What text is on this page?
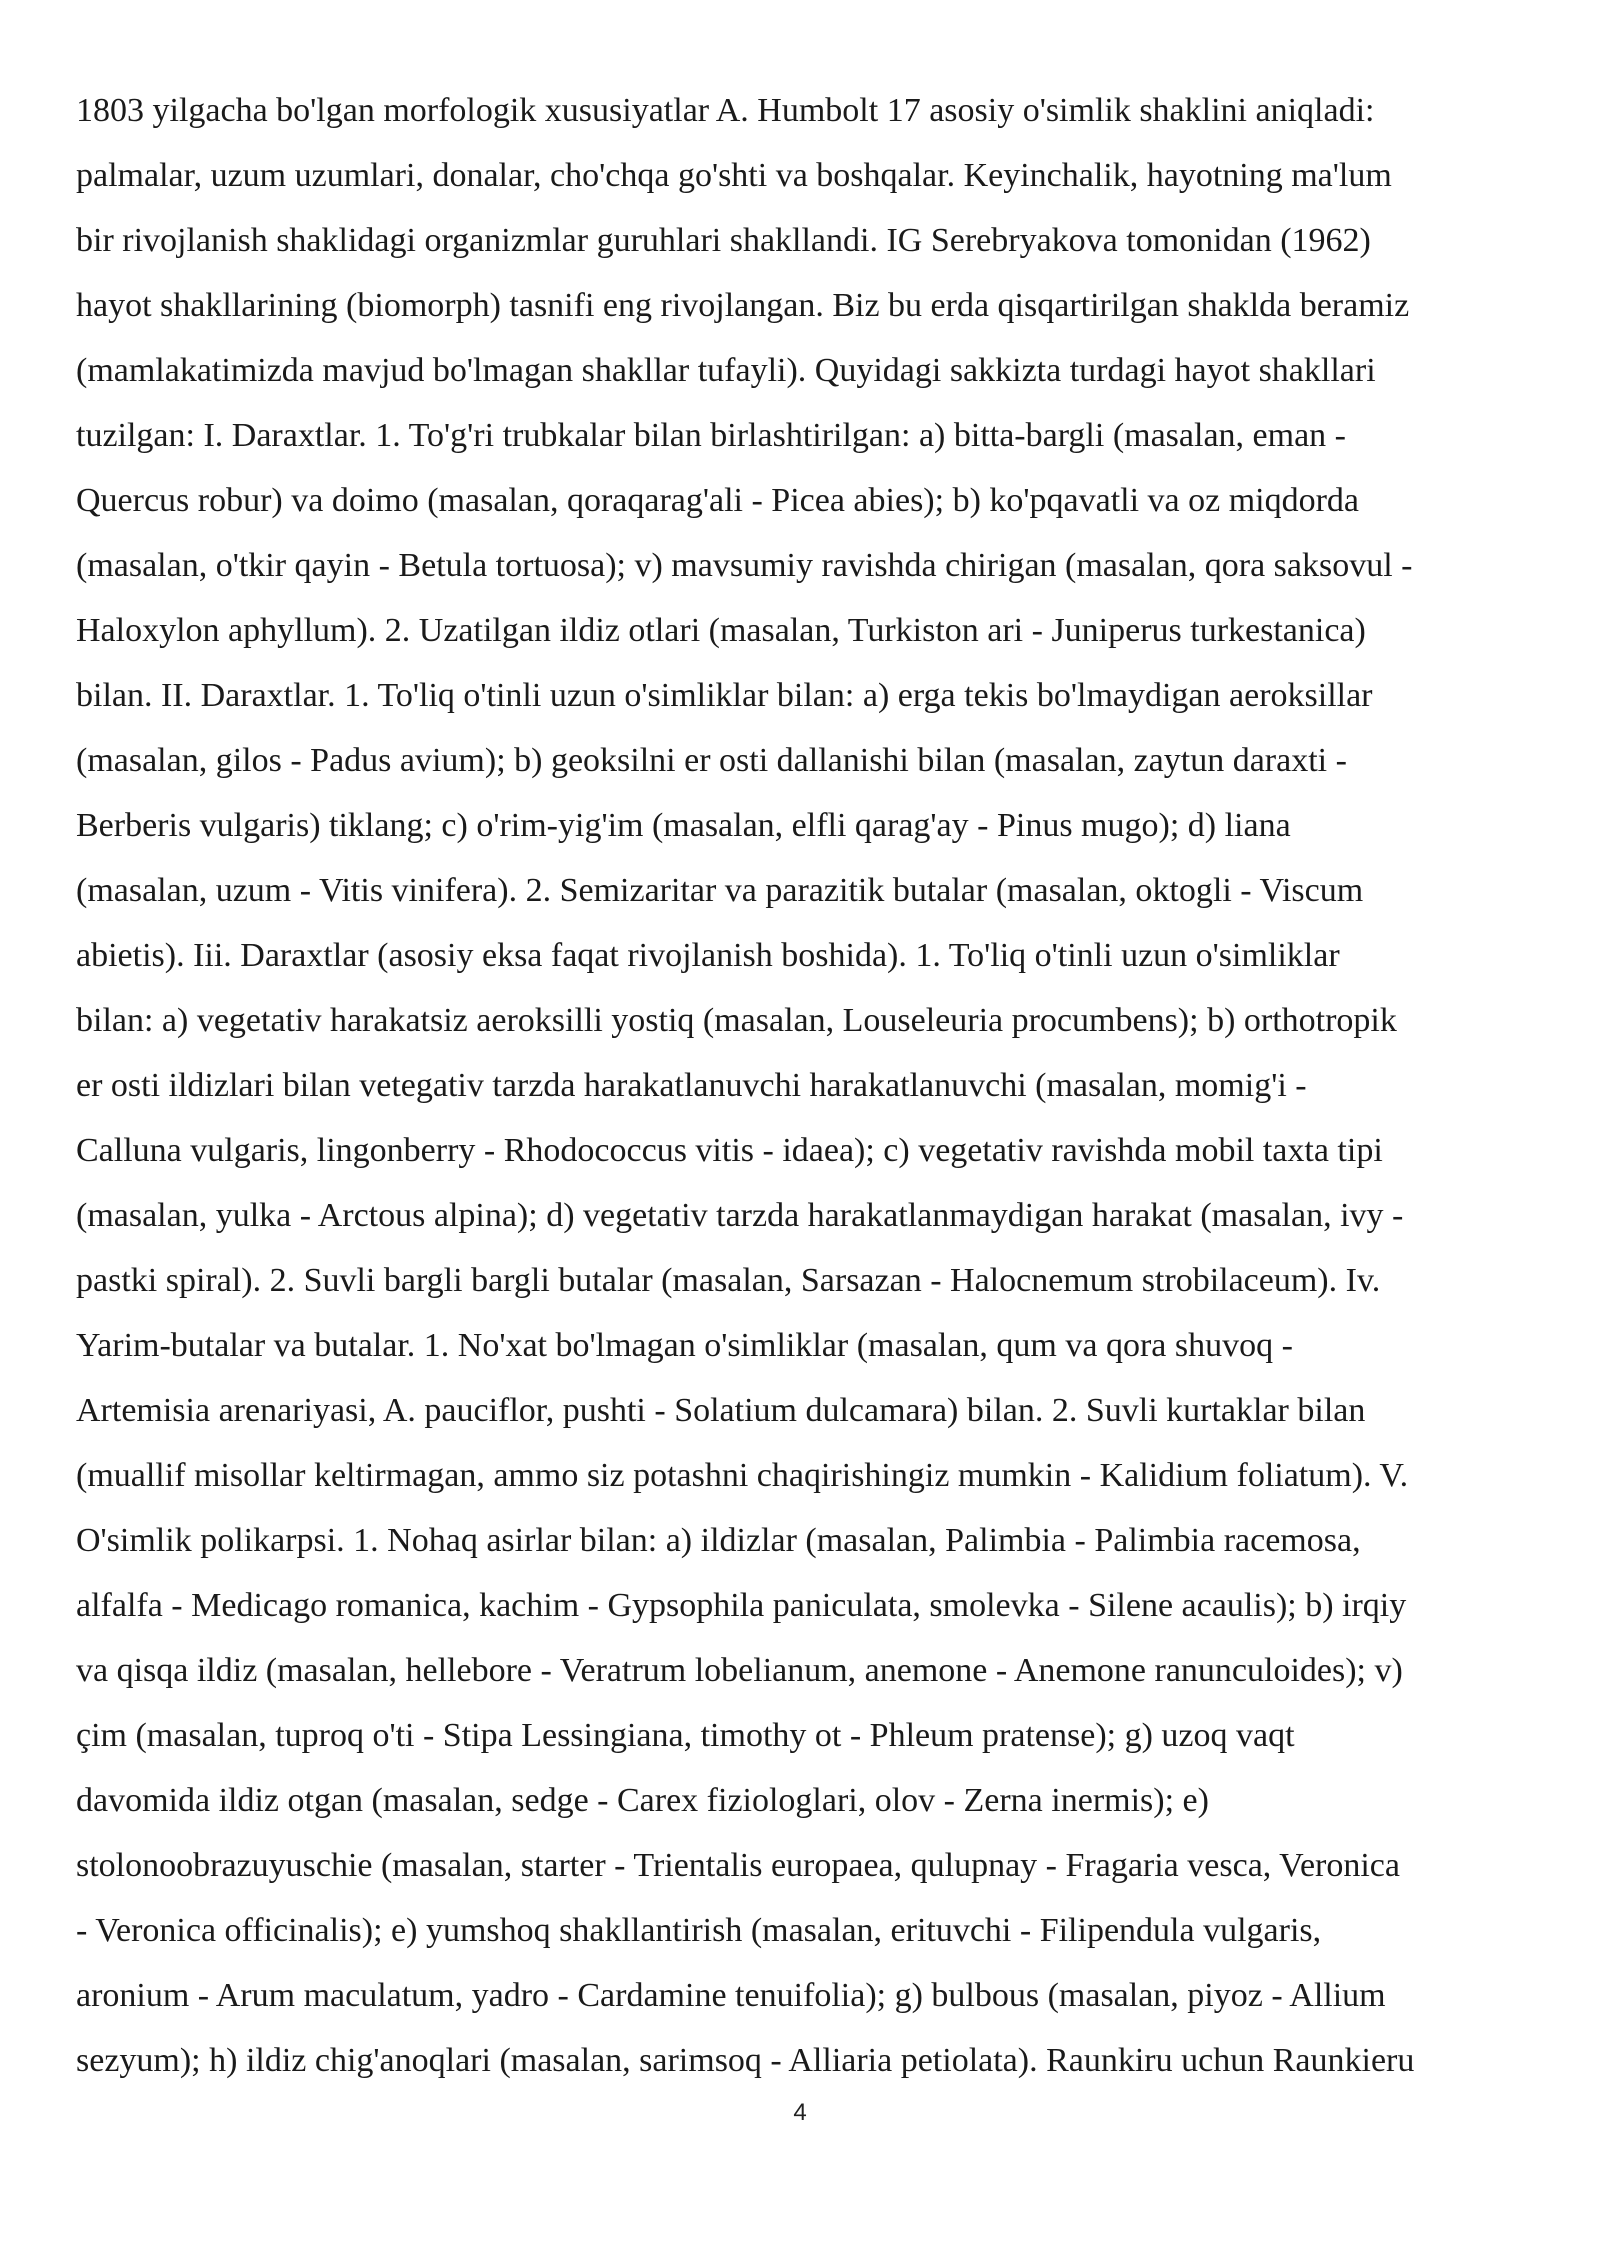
1803 yilgacha bo'lgan morfologik xususiyatlar A. Humbolt 17 asosiy o'simlik shaklini aniqladi:
palmalar, uzum uzumlari, donalar, cho'chqa go'shti va boshqalar. Keyinchalik, hayotning ma'lum
bir rivojlanish shaklidagi organizmlar guruhlari shakllandi. IG Serebryakova tomonidan (1962)
hayot shakllarining (biomorph) tasnifi eng rivojlangan. Biz bu erda qisqartirilgan shaklda beramiz
(mamlakatimizda mavjud bo'lmagan shakllar tufayli). Quyidagi sakkizta turdagi hayot shakllari
tuzilgan: I. Daraxtlar. 1. To'g'ri trubkalar bilan birlashtirilgan: a) bitta-bargli (masalan, eman -
Quercus robur) va doimo (masalan, qoraqarag'ali - Picea abies); b) ko'pqavatli va oz miqdorda
(masalan, o'tkir qayin - Betula tortuosa); v) mavsumiy ravishda chirigan (masalan, qora saksovul -
Haloxylon aphyllum). 2. Uzatilgan ildiz otlari (masalan, Turkiston ari - Juniperus turkestanica)
bilan. II. Daraxtlar. 1. To'liq o'tinli uzun o'simliklar bilan: a) erga tekis bo'lmaydigan aeroksillar
(masalan, gilos - Padus avium); b) geoksilni er osti dallanishi bilan (masalan, zaytun daraxti -
Berberis vulgaris) tiklang; c) o'rim-yig'im (masalan, elfli qarag'ay - Pinus mugo); d) liana
(masalan, uzum - Vitis vinifera). 2. Semizaritar va parazitik butalar (masalan, oktogli - Viscum
abietis). Iii. Daraxtlar (asosiy eksa faqat rivojlanish boshida). 1. To'liq o'tinli uzun o'simliklar
bilan: a) vegetativ harakatsiz aeroksilli yostiq (masalan, Louseleuria procumbens); b) orthotropik
er osti ildizlari bilan vetegativ tarzda harakatlanuvchi harakatlanuvchi (masalan, momig'i -
Calluna vulgaris, lingonberry - Rhodococcus vitis - idaea); c) vegetativ ravishda mobil taxta tipi
(masalan, yulka - Arctous alpina); d) vegetativ tarzda harakatlanmaydigan harakat (masalan, ivy -
pastki spiral). 2. Suvli bargli bargli butalar (masalan, Sarsazan - Halocnemum strobilaceum). Iv.
Yarim-butalar va butalar. 1. No'xat bo'lmagan o'simliklar (masalan, qum va qora shuvoq -
Artemisia arenariyasi, A. pauciflor, pushti - Solatium dulcamara) bilan. 2. Suvli kurtaklar bilan
(muallif misollar keltirmagan, ammo siz potashni chaqirishingiz mumkin - Kalidium foliatum). V.
O'simlik polikarpsi. 1. Nohaq asirlar bilan: a) ildizlar (masalan, Palimbia - Palimbia racemosa,
alfalfa - Medicago romanica, kachim - Gypsophila paniculata, smolevka - Silene acaulis); b) irqiy
va qisqa ildiz (masalan, hellebore - Veratrum lobelianum, anemone - Anemone ranunculoides); v)
çim (masalan, tuproq o'ti - Stipa Lessingiana, timothy ot - Phleum pratense); g) uzoq vaqt
davomida ildiz otgan (masalan, sedge - Carex fiziologlari, olov - Zerna inermis); e)
stolonoobrazuyuschie (masalan, starter - Trientalis europaea, qulupnay - Fragaria vesca, Veronica
- Veronica officinalis); e) yumshoq shakllantirish (masalan, erituvchi - Filipendula vulgaris,
aronium - Arum maculatum, yadro - Cardamine tenuifolia); g) bulbous (masalan, piyoz - Allium
sezyum); h) ildiz chig'anoqlari (masalan, sarimsoq - Alliaria petiolata). Raunkiru uchun Raunkieru

4
